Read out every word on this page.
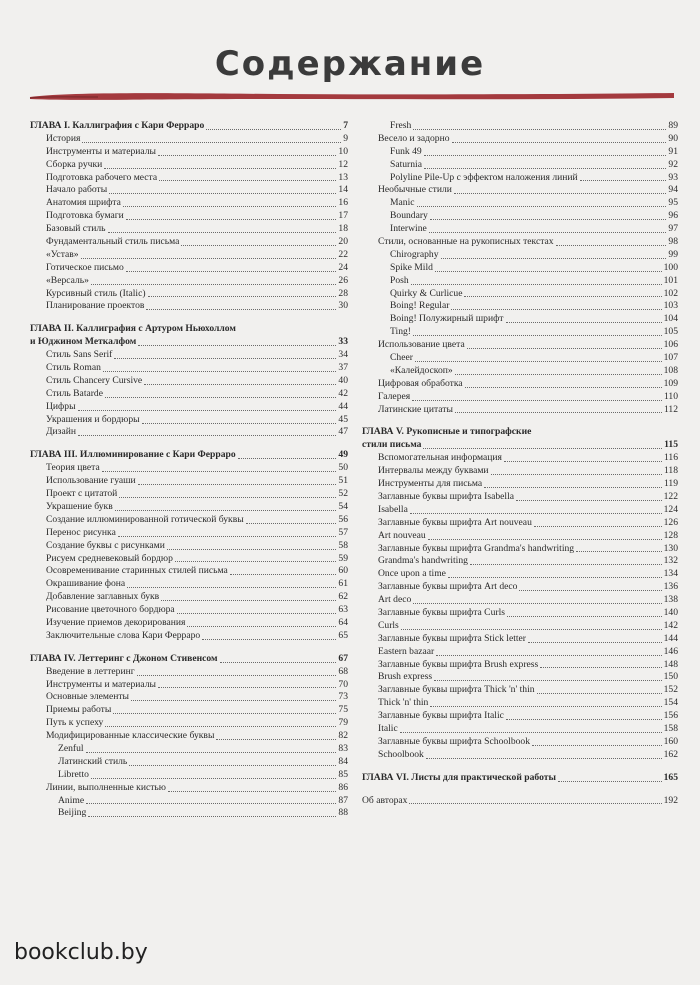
Содержание
ГЛАВА I. Каллиграфия с Кари Ферраро	7
История	9
Инструменты и материалы	10
Сборка ручки	12
Подготовка рабочего места	13
Начало работы	14
Анатомия шрифта	16
Подготовка бумаги	17
Базовый стиль	18
Фундаментальный стиль письма	20
«Устав»	22
Готическое письмо	24
«Версаль»	26
Курсивный стиль (Italic)	28
Планирование проектов	30
ГЛАВА II. Каллиграфия с Артуром Ньюхоллом
и Юджином Меткалфом	33
Стиль Sans Serif	34
Стиль Roman	37
Стиль Chancery Cursive	40
Стиль Batarde	42
Цифры	44
Украшения и бордюры	45
Дизайн	47
ГЛАВА III. Иллюминирование с Кари Ферраро	49
Теория цвета	50
Использование гуаши	51
Проект с цитатой	52
Украшение букв	54
Создание иллюминированной готической буквы	56
Перенос рисунка	57
Создание буквы с рисунками	58
Рисуем средневековый бордюр	59
Осовременивание старинных стилей письма	60
Окрашивание фона	61
Добавление заглавных букв	62
Рисование цветочного бордюра	63
Изучение приемов декорирования	64
Заключительные слова Кари Ферраро	65
ГЛАВА IV. Леттеринг с Джоном Стивенсом	67
Введение в леттеринг	68
Инструменты и материалы	70
Основные элементы	73
Приемы работы	75
Путь к успеху	79
Модифицированные классические буквы	82
Zenful	83
Латинский стиль	84
Libretto	85
Линии, выполненные кистью	86
Anime	87
Beijing	88
Fresh	89
Весело и задорно	90
Funk 49	91
Saturnia	92
Polyline Pile-Up с эффектом наложения линий	93
Необычные стили	94
Manic	95
Boundary	96
Interwine	97
Стили, основанные на рукописных текстах	98
Chirography	99
Spike Mild	100
Posh	101
Quirky & Curlicue	102
Boing! Regular	103
Boing! Полужирный шрифт	104
Ting!	105
Использование цвета	106
Cheer	107
«Калейдоскоп»	108
Цифровая обработка	109
Галерея	110
Латинские цитаты	112
ГЛАВА V. Рукописные и типографские
стили письма	115
Вспомогательная информация	116
Интервалы между буквами	118
Инструменты для письма	119
Заглавные буквы шрифта Isabella	122
Isabella	124
Заглавные буквы шрифта Art nouveau	126
Art nouveau	128
Заглавные буквы шрифта Grandma's handwriting	130
Grandma's handwriting	132
Once upon a time	134
Заглавные буквы шрифта Art deco	136
Art deco	138
Заглавные буквы шрифта Curls	140
Curls	142
Заглавные буквы шрифта Stick letter	144
Eastern bazaar	146
Заглавные буквы шрифта Brush express	148
Brush express	150
Заглавные буквы шрифта Thick 'n' thin	152
Thick 'n' thin	154
Заглавные буквы шрифта Italic	156
Italic	158
Заглавные буквы шрифта Schoolbook	160
Schoolbook	162
ГЛАВА VI. Листы для практической работы	165
Об авторах	192
bookclub.by
